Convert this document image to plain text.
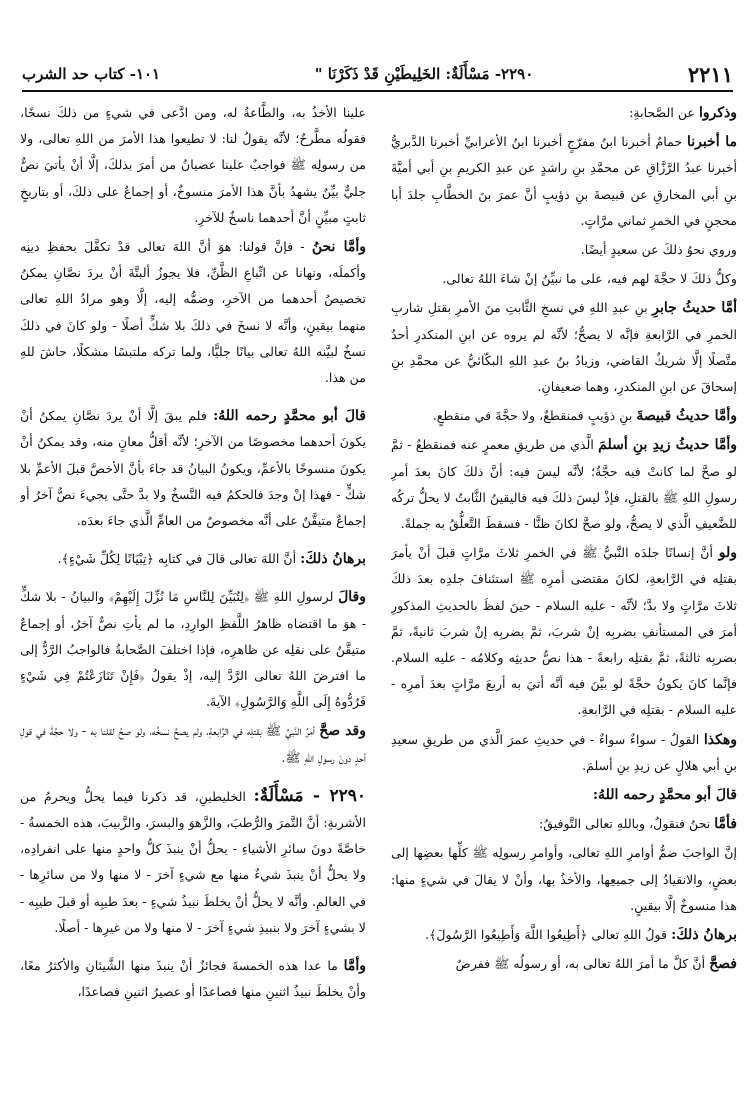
٢٢١١
٢٢٩٠- مَسْأَلَةٌ: الخَلِيطَيْنِ قَدْ ذَكَرْنَا "
١٠١- كتاب حد الشرب

وذكروا عن الصَّحابةِ:

ما أخبرنا حمامٌ أخبرنا ابنُ مفرّجٍ أخبرنا ابنُ الأعرابيِّ أخبرنا الدَّبريُّ أخبرنا عبدُ الرَّزَّاقِ عن محمَّدِ بنِ راشدٍ عن عبدِ الكريمِ بنِ أبي أميَّةَ بنِ أبي المخارقِ عن قبيصةَ بنِ ذؤيبٍ أنَّ عمرَ بنَ الخطَّابِ جلدَ أبا محجنٍ في الخمرِ ثماني مرَّاتٍ.

وروي نحوُ ذلكَ عن سعيدٍ أيضًا.

وكلُّ ذلكَ لا حجَّةَ لهم فيه، على ما نبيِّنُ إنْ شاءَ اللهُ تعالى.

أمَّا حديثُ جابرِ بنِ عبدِ اللهِ في نسخِ الثَّابتِ منَ الأمرِ بقتلِ شاربِ الخمرِ في الرَّابعةِ فإنَّه لا يصحُّ؛ لأنَّه لم يروه عن ابنِ المنكدرِ أحدٌ متَّصلًا إلَّا شريكٌ القاضي، وزيادُ بنُ عبدِ اللهِ البكّائيُّ عن محمَّدِ بنِ إسحاقَ عن ابنِ المنكدرِ، وهما ضعيفانِ.

وأمَّا حديثُ قبيصةَ بنِ ذؤيبٍ فمنقطعٌ، ولا حجَّةَ في منقطعٍ.

وأمَّا حديثُ زيدِ بنِ أسلمَ الَّذي من طريقِ معمرٍ عنه فمنقطعٌ - ثمَّ لو صحَّ لما كانتْ فيه حجَّةٌ؛ لأنَّه ليسَ فيه: أنَّ ذلكَ كانَ بعدَ أمرِ رسولِ اللهِ ﷺ بالقتلِ، فإذْ ليسَ ذلكَ فيه فاليقينُ الثَّابتُ لا يحلُّ تركُه للضَّعيفِ الَّذي لا يصحُّ، ولو صحَّ لكانَ ظنًّا - فسقطَ التَّعلُّقُ به جملةً.

ولو أنَّ إنسانًا جلدَه النَّبيُّ ﷺ في الخمرِ ثلاثَ مرَّاتٍ قبلَ أنْ يأمرَ بقتلِه في الرَّابعةِ، لكانَ مقتضى أمرِه ﷺ استئنافَ جلدِه بعدَ ذلكَ ثلاثَ مرَّاتٍ ولا بدَّ؛ لأنَّه - عليه السلام - حينَ لفظَ بالحديثِ المذكورِ أمرَ في المستأنفِ بضربِه إنْ شربَ، ثمَّ بضربِه إنْ شربَ ثانيةً، ثمَّ بضربِه ثالثةً، ثمَّ بقتلِه رابعةً - هذا نصُّ حديثِه وكلامُه - عليه السلام. فإنَّما كانَ يكونُ حجَّةً لو بيَّنَ فيه أنَّه أتيَ به أربعَ مرَّاتٍ بعدَ أمرِه - عليه السلام - بقتلِه في الرَّابعةِ.

وهكذا القولُ - سواءٌ سواءٌ - في حديثِ عمرَ الَّذي من طريقِ سعيدِ بنِ أبي هلالٍ عن زيدِ بنِ أسلمَ.

قالَ أبو محمَّدٍ رحمه اللهُ:

فأمَّا نحنُ فنقولُ، وباللهِ تعالى التَّوفيقُ:

إنَّ الواجبَ ضمُّ أوامرِ اللهِ تعالى، وأوامرِ رسولِه ﷺ كلِّها بعضِها إلى بعضٍ، والانقيادُ إلى جميعِها، والأخذُ بها، وأنْ لا يقالَ في شيءٍ منها: هذا منسوخٌ إلَّا بيقينٍ.

برهانُ ذلكَ: قولُ اللهِ تعالى ﴿أَطِيعُوا اللَّهَ وَأَطِيعُوا الرَّسُولَ﴾.

فصحَّ أنَّ كلَّ ما أمرَ اللهُ تعالى به، أو رسولُه ﷺ ففرضٌ

علينا الأخذُ به، والطَّاعةُ له، ومن ادَّعى في شيءٍ من ذلكَ نسخًا، فقولُه مطَّرحٌ؛ لأنَّه يقولُ لنا: لا تطيعوا هذا الأمرَ من اللهِ تعالى، ولا من رسولِه ﷺ فواجبٌ علينا عصيانُ من أمرَ بذلكَ، إلَّا أنْ يأتيَ نصٌّ جليٌّ بيِّنٌ يشهدُ بأنَّ هذا الأمرَ منسوخٌ، أو إجماعٌ على ذلكَ، أو بتاريخٍ ثابتٍ مبيِّنٍ أنَّ أحدهما ناسخٌ للآخرِ.

وأمَّا نحنُ - فإنَّ قولنا: هوَ أنَّ اللهَ تعالى قدْ تكفَّلَ بحفظِ دينِه وأكملَه، ونهانا عن اتِّباعِ الظَّنِّ، فلا يجوزُ ألبتَّةَ أنْ يردَ نصَّانِ يمكنُ تخصيصُ أحدهما من الآخرِ، وضمُّه إليه، إلَّا وهو مرادُ اللهِ تعالى منهما بيقينٍ، وأنَّه لا نسخَ في ذلكَ بلا شكٍّ أصلًا - ولو كانَ في ذلكَ نسخٌ لبيَّنه اللهُ تعالى بيانًا جليًّا، ولما تركه ملتبسًا مشكلًا، حاشَ للهِ من هذا.

قالَ أبو محمَّدٍ رحمه اللهُ: فلم يبقَ إلَّا أنْ يردَ نصَّانِ يمكنُ أنْ يكونَ أحدهما مخصوصًا من الآخرِ؛ لأنَّه أقلُّ معانٍ منه، وقد يمكنُ أنْ يكونَ منسوخًا بالأعمِّ، ويكونُ البيانُ قد جاءَ بأنَّ الأخصَّ قبلَ الأعمِّ بلا شكٍّ - فهذا إنْ وجدَ فالحكمُ فيه النَّسخُ ولا بدَّ حتَّى يجيءَ نصٌّ آخرُ أو إجماعٌ متيقَّنٌ على أنَّه مخصوصٌ من العامِّ الَّذي جاءَ بعدَه.

برهانُ ذلكَ: أنَّ اللهَ تعالى قالَ في كتابِه ﴿تِبْيَانًا لِكُلِّ شَيْءٍ﴾.

وقالَ لرسولِ اللهِ ﷺ ﴿لِتُبَيِّنَ لِلنَّاسِ مَا نُزِّلَ إِلَيْهِمْ﴾ والبيانُ - بلا شكٍّ - هوَ ما اقتضاه ظاهرُ اللَّفظِ الوارِدِ، ما لم يأتِ نصٌّ آخرُ، أو إجماعٌ متيقَّنٌ على نقلِه عن ظاهرِه، فإذا اختلفَ الصَّحابةُ فالواجبُ الرَّدُّ إلى ما افترضَ اللهُ تعالى الرَّدَّ إليه، إذْ يقولُ ﴿فَإِنْ تَنَازَعْتُمْ فِي شَيْءٍ فَرُدُّوهُ إِلَى اللَّهِ وَالرَّسُولِ﴾ الآيةَ.

وقد صحَّ أمرُ النَّبيِّ ﷺ بقتلِه في الرَّابعةِ، ولم يصحَّ نسخُه، ولو صحَّ لقلنا به - ولا حجَّةَ في قولِ أحدٍ دونَ رسولِ اللهِ ﷺ.

٢٢٩٠ - مَسْأَلَةٌ: الخليطينِ، قد ذكرنا فيما يحلُّ ويحرمُ من الأشربةِ: أنَّ التَّمرَ والرُّطبَ، والزَّهوَ والبسرَ، والزَّبيبَ، هذه الخمسةُ - خاصَّةً دونَ سائرِ الأشياءِ - يحلُّ أنْ ينبذَ كلُّ واحدٍ منها على انفرادِه، ولا يحلُّ أنْ ينبذَ شيءٌ منها مع شيءٍ آخرَ - لا منها ولا من سائرِها - في العالمِ. وأنَّه لا يحلُّ أنْ يخلطَ نبيذُ شيءٍ - بعدَ طيبِه أو قبلَ طيبِه - لا بشيءٍ آخرَ ولا بنبيذِ شيءٍ آخرَ - لا منها ولا من غيرِها - أصلًا.

وأمَّا ما عدا هذه الخمسةَ فجائزٌ أنْ ينبذَ منها الشَّيئانِ والأكثرُ معًا، وأنْ يخلطَ نبيذُ اثنينِ منها فصاعدًا أو عصيرُ اثنينِ فصاعدًا،
